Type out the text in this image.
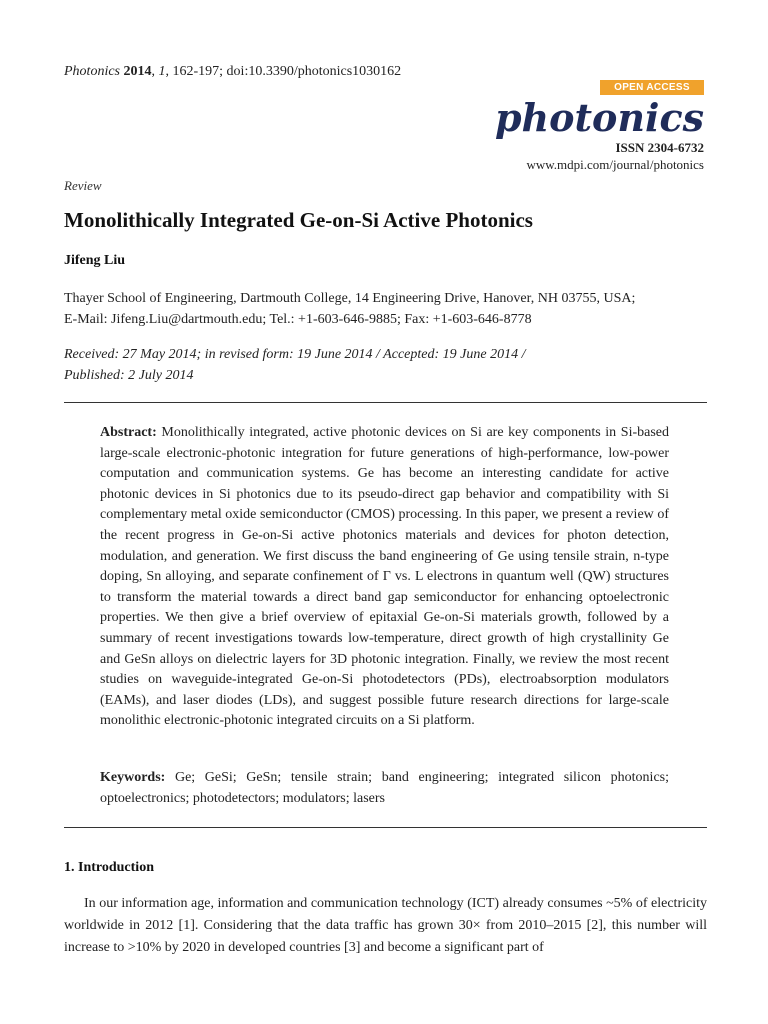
Photonics 2014, 1, 162-197; doi:10.3390/photonics1030162
OPEN ACCESS
photonics
ISSN 2304-6732
www.mdpi.com/journal/photonics
Review
Monolithically Integrated Ge-on-Si Active Photonics
Jifeng Liu
Thayer School of Engineering, Dartmouth College, 14 Engineering Drive, Hanover, NH 03755, USA;
E-Mail: Jifeng.Liu@dartmouth.edu; Tel.: +1-603-646-9885; Fax: +1-603-646-8778
Received: 27 May 2014; in revised form: 19 June 2014 / Accepted: 19 June 2014 /
Published: 2 July 2014
Abstract: Monolithically integrated, active photonic devices on Si are key components in Si-based large-scale electronic-photonic integration for future generations of high-performance, low-power computation and communication systems. Ge has become an interesting candidate for active photonic devices in Si photonics due to its pseudo-direct gap behavior and compatibility with Si complementary metal oxide semiconductor (CMOS) processing. In this paper, we present a review of the recent progress in Ge-on-Si active photonics materials and devices for photon detection, modulation, and generation. We first discuss the band engineering of Ge using tensile strain, n-type doping, Sn alloying, and separate confinement of Γ vs. L electrons in quantum well (QW) structures to transform the material towards a direct band gap semiconductor for enhancing optoelectronic properties. We then give a brief overview of epitaxial Ge-on-Si materials growth, followed by a summary of recent investigations towards low-temperature, direct growth of high crystallinity Ge and GeSn alloys on dielectric layers for 3D photonic integration. Finally, we review the most recent studies on waveguide-integrated Ge-on-Si photodetectors (PDs), electroabsorption modulators (EAMs), and laser diodes (LDs), and suggest possible future research directions for large-scale monolithic electronic-photonic integrated circuits on a Si platform.
Keywords: Ge; GeSi; GeSn; tensile strain; band engineering; integrated silicon photonics; optoelectronics; photodetectors; modulators; lasers
1. Introduction
In our information age, information and communication technology (ICT) already consumes ~5% of electricity worldwide in 2012 [1]. Considering that the data traffic has grown 30× from 2010–2015 [2], this number will increase to >10% by 2020 in developed countries [3] and become a significant part of
